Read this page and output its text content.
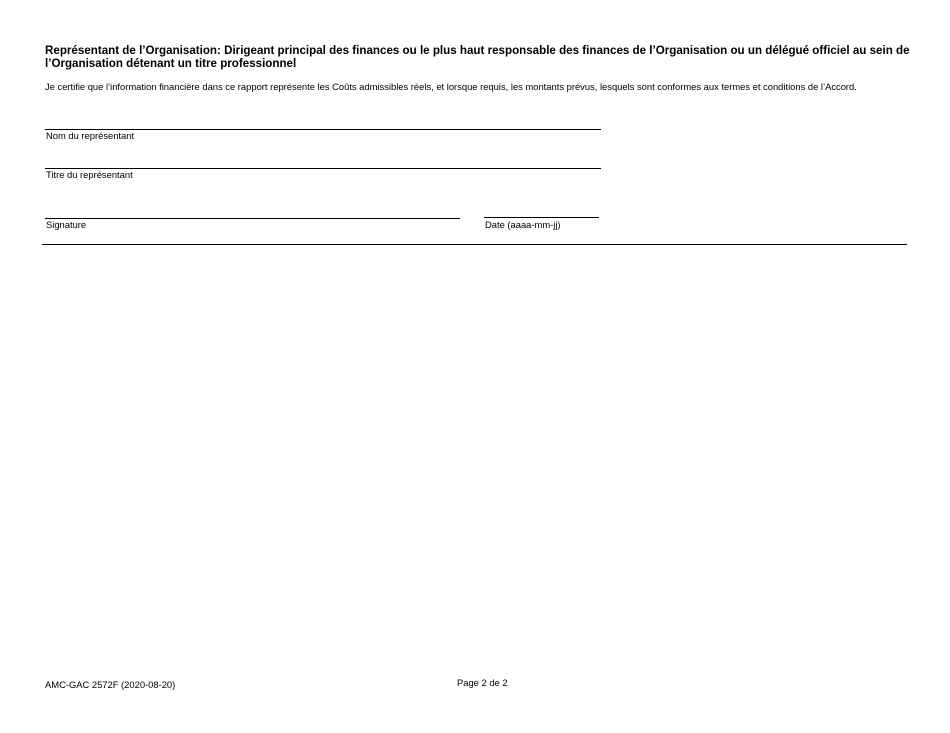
Représentant de l’Organisation: Dirigeant principal des finances ou le plus haut responsable des finances de l’Organisation ou un délégué officiel au sein de l’Organisation détenant un titre professionnel
Je certifie que l’information financière dans ce rapport représente les Coûts admissibles réels, et lorsque requis, les montants prévus, lesquels sont conformes aux termes et conditions de l’Accord.
Nom du représentant
Titre du représentant
Signature	Date (aaaa-mm-jj)
AMC-GAC 2572F (2020-08-20)	Page 2 de 2
